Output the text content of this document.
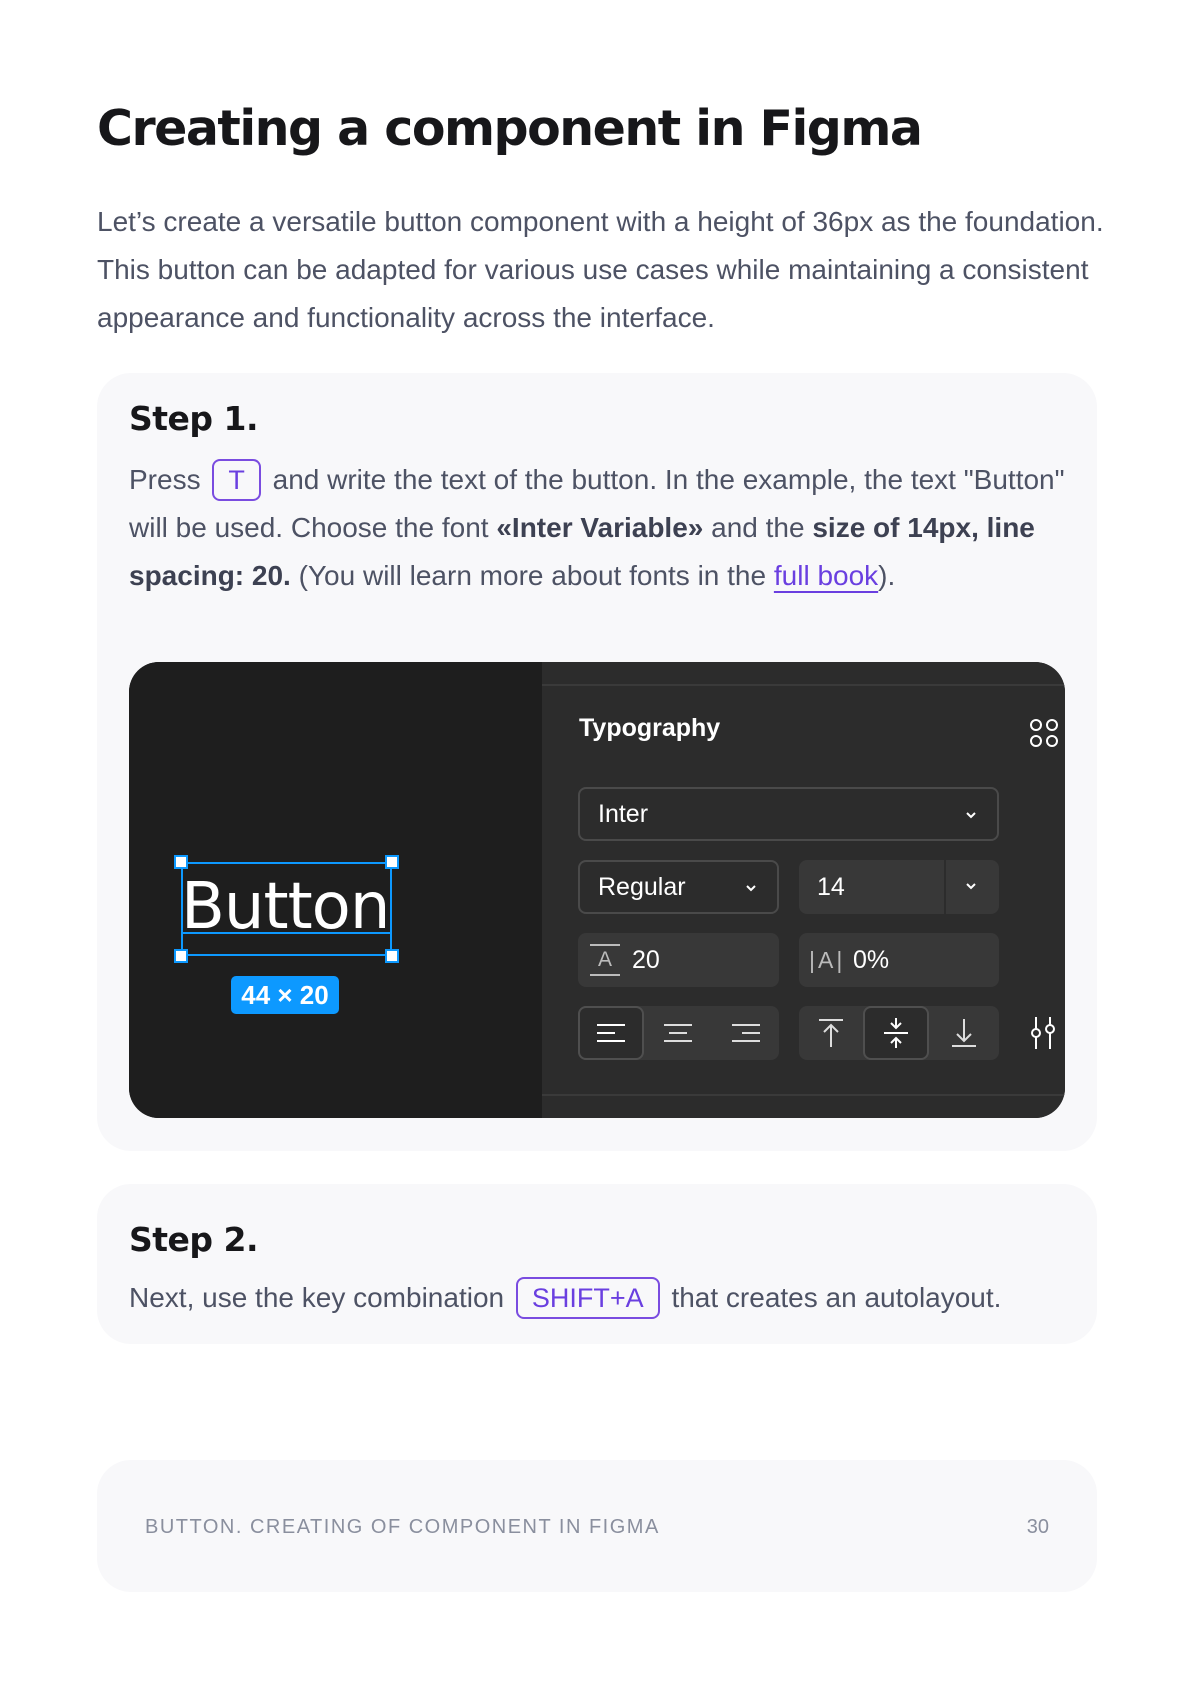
Creating a component in Figma

Let’s create a versatile button component with a height of 36px as the foundation. This button can be adapted for various use cases while maintaining a consistent appearance and functionality across the interface.

Step 1.

Press T and write the text of the button. In the example, the text "Button" will be used. Choose the font «Inter Variable» and the size of 14px, line spacing: 20. (You will learn more about fonts in the full book).

Button
44 × 20
Typography
Inter
Regular	14
A 20	|A| 0%
Step 2.

Next, use the key combination SHIFT+A that creates an autolayout.

BUTTON. CREATING OF COMPONENT IN FIGMA	30
